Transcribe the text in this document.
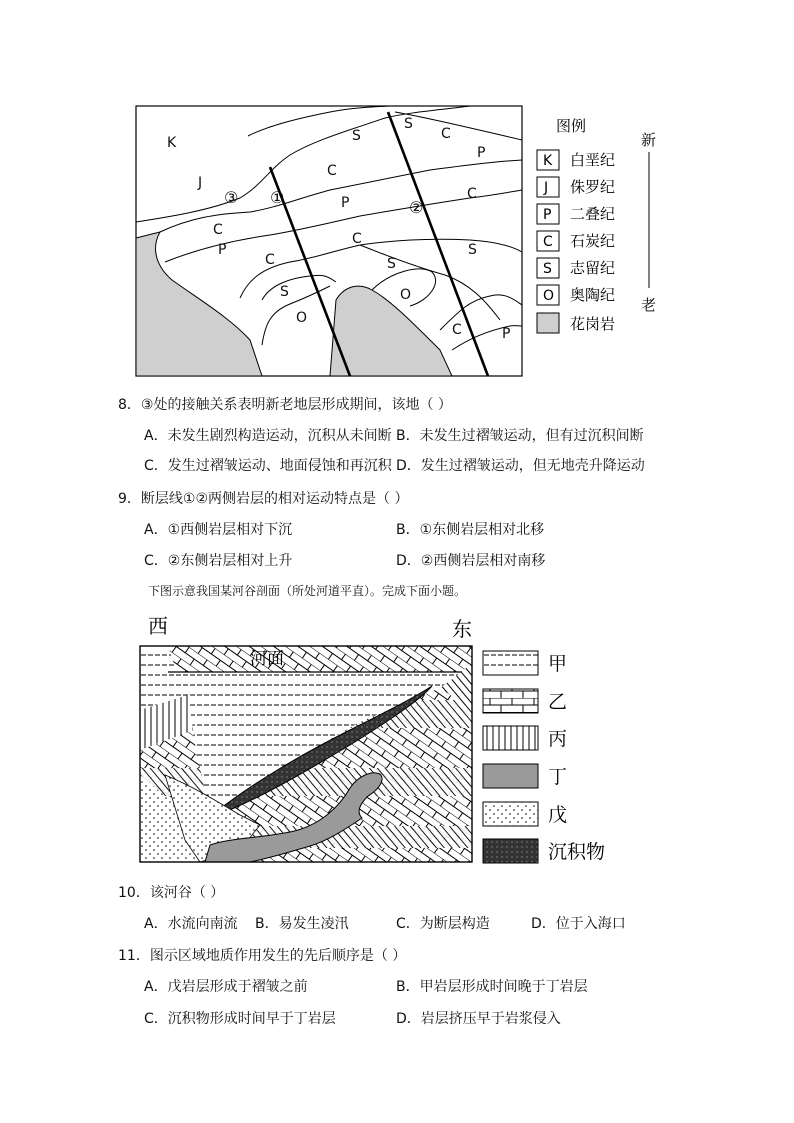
K
J
C
P
C
S
O
S
C
P
C
S
O
S
C
P
C
S
C	P
③ ①
②
图例
K 白垩纪
J 侏罗纪
P 二叠纪
C 石炭纪
S 志留纪
O 奥陶纪
花岗岩
新
老
8．③处的接触关系表明新老地层形成期间，该地（ ）
A．未发生剧烈构造运动，沉积从未间断 B．未发生过褶皱运动，但有过沉积间断
C．发生过褶皱运动、地面侵蚀和再沉积 D．发生过褶皱运动，但无地壳升降运动
9．断层线①②两侧岩层的相对运动特点是（ ）
A．①西侧岩层相对下沉	B．①东侧岩层相对北移
C．②东侧岩层相对上升	D．②西侧岩层相对南移
下图示意我国某河谷剖面（所处河道平直）。完成下面小题。
西	东
河面	甲
乙
丙
丁
戊
沉积物
10．该河谷（ ）
A．水流向南流 B．易发生凌汛	C．为断层构造	D．位于入海口
11．图示区域地质作用发生的先后顺序是（ ）
A．戊岩层形成于褶皱之前	B．甲岩层形成时间晚于丁岩层
C．沉积物形成时间早于丁岩层	D．岩层挤压早于岩浆侵入
